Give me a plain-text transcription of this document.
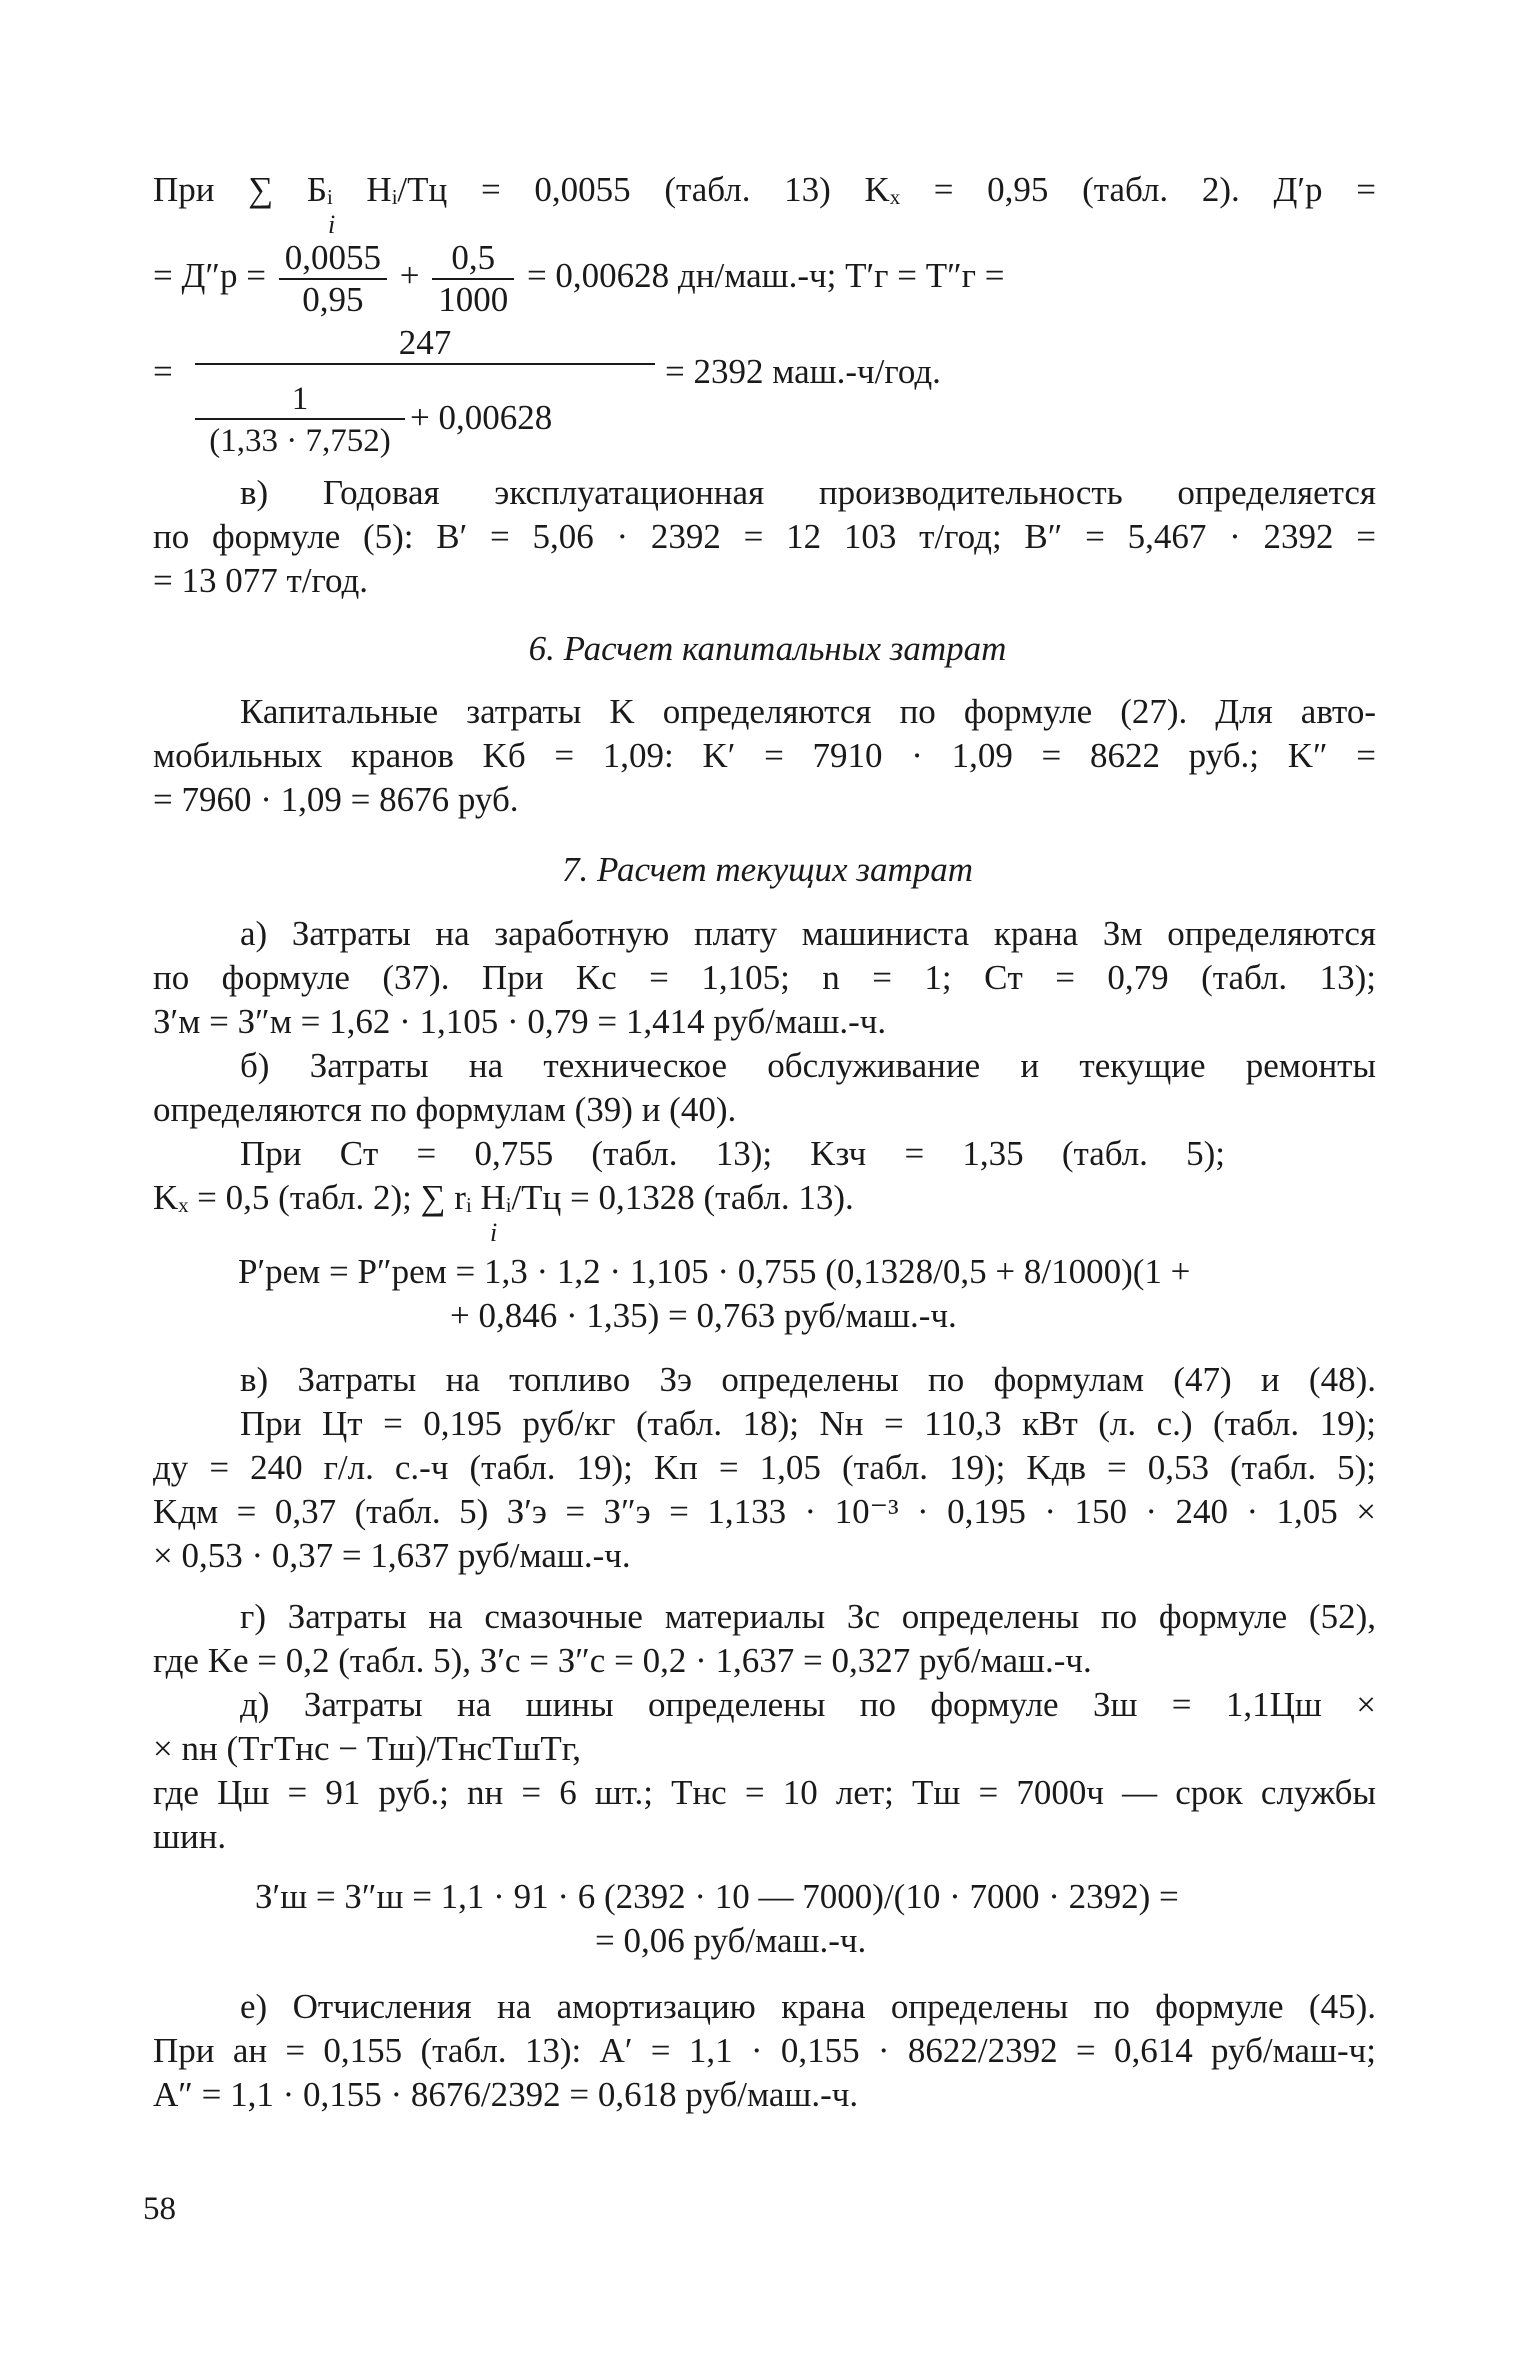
При ∑ Бᵢ Hᵢ/Tц = 0,0055 (табл. 13) Kₓ = 0,95 (табл. 2). Д′р =
i
= $Д''р = \frac{0,0055}{0,95} + \frac{0,5}{1000} = 0,00628$ дн/маш.-ч; T′г = T″г =
=
247
= 2392 маш.-ч/год.
1
(1,33 · 7,752)
+ 0,00628
в) Годовая эксплуатационная производительность определяется
по формуле (5): B′ = 5,06 · 2392 = 12 103 т/год; B″ = 5,467 · 2392 =
= 13 077 т/год.
6. Расчет капитальных затрат
Капитальные затраты K определяются по формуле (27). Для авто-
мобильных кранов Kб = 1,09: K′ = 7910 · 1,09 = 8622 руб.; K″ =
= 7960 · 1,09 = 8676 руб.
7. Расчет текущих затрат
а) Затраты на заработную плату машиниста крана Зм определяются
по формуле (37). При Kс = 1,105; n = 1; Cт = 0,79 (табл. 13);
З′м = З″м = 1,62 · 1,105 · 0,79 = 1,414 руб/маш.-ч.
б) Затраты на техническое обслуживание и текущие ремонты
определяются по формулам (39) и (40).
При Cт = 0,755 (табл. 13); Kзч = 1,35 (табл. 5);
Kₓ = 0,5 (табл. 2); ∑ rᵢ Hᵢ/Tц = 0,1328 (табл. 13).
i
P′рем = P″рем = 1,3 · 1,2 · 1,105 · 0,755 (0,1328/0,5 + 8/1000)(1 +
+ 0,846 · 1,35) = 0,763 руб/маш.-ч.
в) Затраты на топливо Зэ определены по формулам (47) и (48).
При Цт = 0,195 руб/кг (табл. 18); Nн = 110,3 кВт (л. с.) (табл. 19);
дy = 240 г/л. с.-ч (табл. 19); Kп = 1,05 (табл. 19); Kдв = 0,53 (табл. 5);
Kдм = 0,37 (табл. 5) З′э = З″э = 1,133 · 10⁻³ · 0,195 · 150 · 240 · 1,05 ×
× 0,53 · 0,37 = 1,637 руб/маш.-ч.
г) Затраты на смазочные материалы Зс определены по формуле (52),
где Kе = 0,2 (табл. 5), З′с = З″с = 0,2 · 1,637 = 0,327 руб/маш.-ч.
д) Затраты на шины определены по формуле Зш = 1,1Цш ×
× nн (TгTнс − Tш)/TнсTшTг,
где Цш = 91 руб.; nн = 6 шт.; Tнс = 10 лет; Tш = 7000ч — срок службы
шин.
З′ш = З″ш = 1,1 · 91 · 6 (2392 · 10 — 7000)/(10 · 7000 · 2392) =
= 0,06 руб/маш.-ч.
е) Отчисления на амортизацию крана определены по формуле (45).
При aн = 0,155 (табл. 13): A′ = 1,1 · 0,155 · 8622/2392 = 0,614 руб/маш-ч;
A″ = 1,1 · 0,155 · 8676/2392 = 0,618 руб/маш.-ч.
58
